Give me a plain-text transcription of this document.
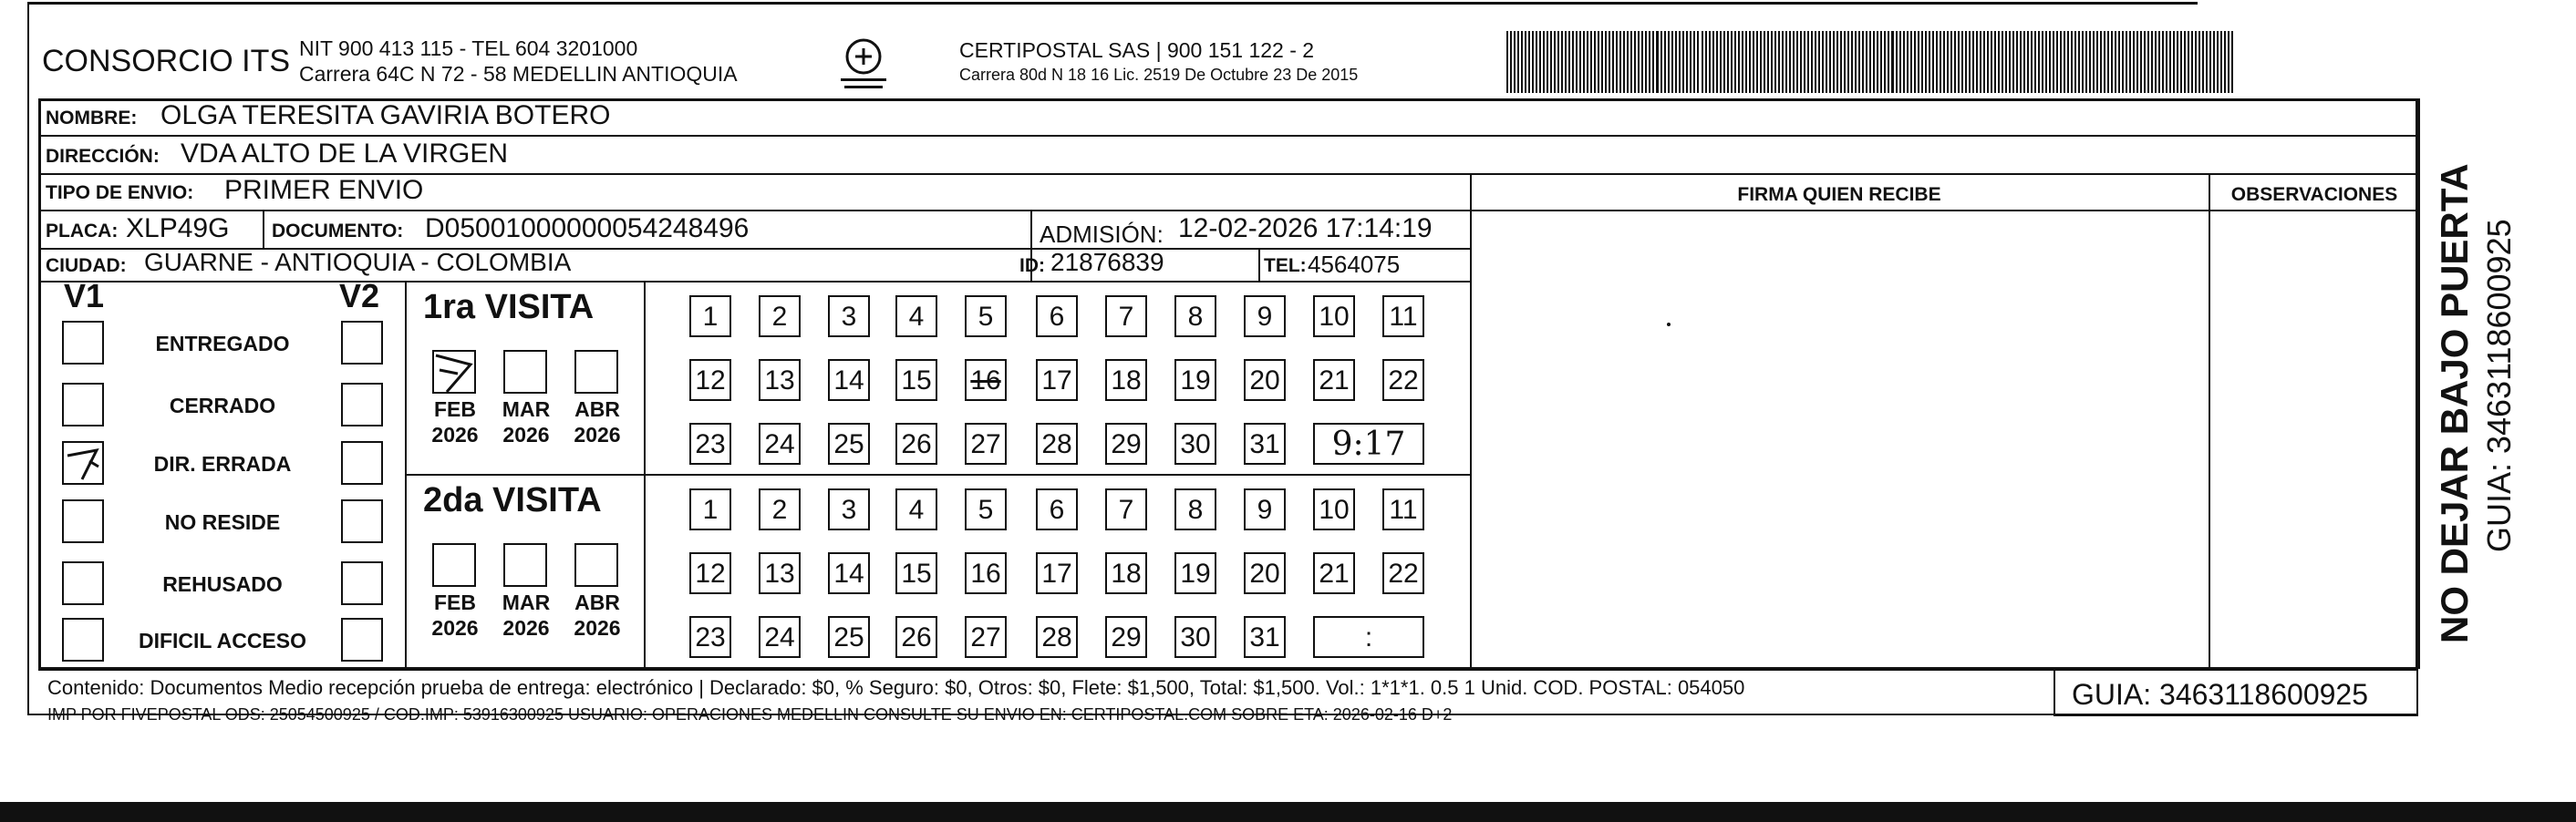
CONSORCIO ITS NIT 900 413 115 - TEL 604 3201000
Carrera 64C N 72 - 58 MEDELLIN ANTIOQUIA
CERTIPOSTAL SAS | 900 151 122 - 2
Carrera 80d N 18 16 Lic. 2519 De Octubre 23 De 2015
NOMBRE: OLGA TERESITA GAVIRIA BOTERO
DIRECCIÓN: VDA ALTO DE LA VIRGEN
TIPO DE ENVIO: PRIMER ENVIO	FIRMA QUIEN RECIBE	OBSERVACIONES
PLACA: XLP49G DOCUMENTO: D05001000000054248496	ADMISIÓN: 12-02-2026 17:14:19
CIUDAD: GUARNE - ANTIOQUIA - COLOMBIA	ID: 21876839	TEL: 4564075
V1	V2
ENTREGADO
CERRADO
DIR. ERRADA
NO RESIDE
REHUSADO
DIFICIL ACCESO
1ra VISITA
2da VISITA
FEB
2026
MAR
2026
ABR
2026
FEB
2026
MAR
2026
ABR
2026
1	2	3	4	5	6	7	8	9	10 11
12 13 14 15 16 17 18 19 20 21 22
23 24 25 26 27 28 29 30 31	9:17
1	2	3	4	5	6	7	8	9	10 11
12 13 14 15 16 17 18 19 20 21 22
23 24 25 26 27 28 29 30 31	:
Contenido: Documentos Medio recepción prueba de entrega: electrónico | Declarado: $0, % Seguro: $0, Otros: $0, Flete: $1,500, Total: $1,500. Vol.: 1*1*1. 0.5 1 Unid. COD. POSTAL: 054050
IMP POR FIVEPOSTAL ODS: 25054500925 / COD.IMP: 53916300925 USUARIO: OPERACIONES MEDELLIN CONSULTE SU ENVIO EN: CERTIPOSTAL.COM SOBRE ETA: 2026-02-16 D+2
GUIA: 3463118600925
NO DEJAR BAJO PUERTA GUIA: 3463118600925
